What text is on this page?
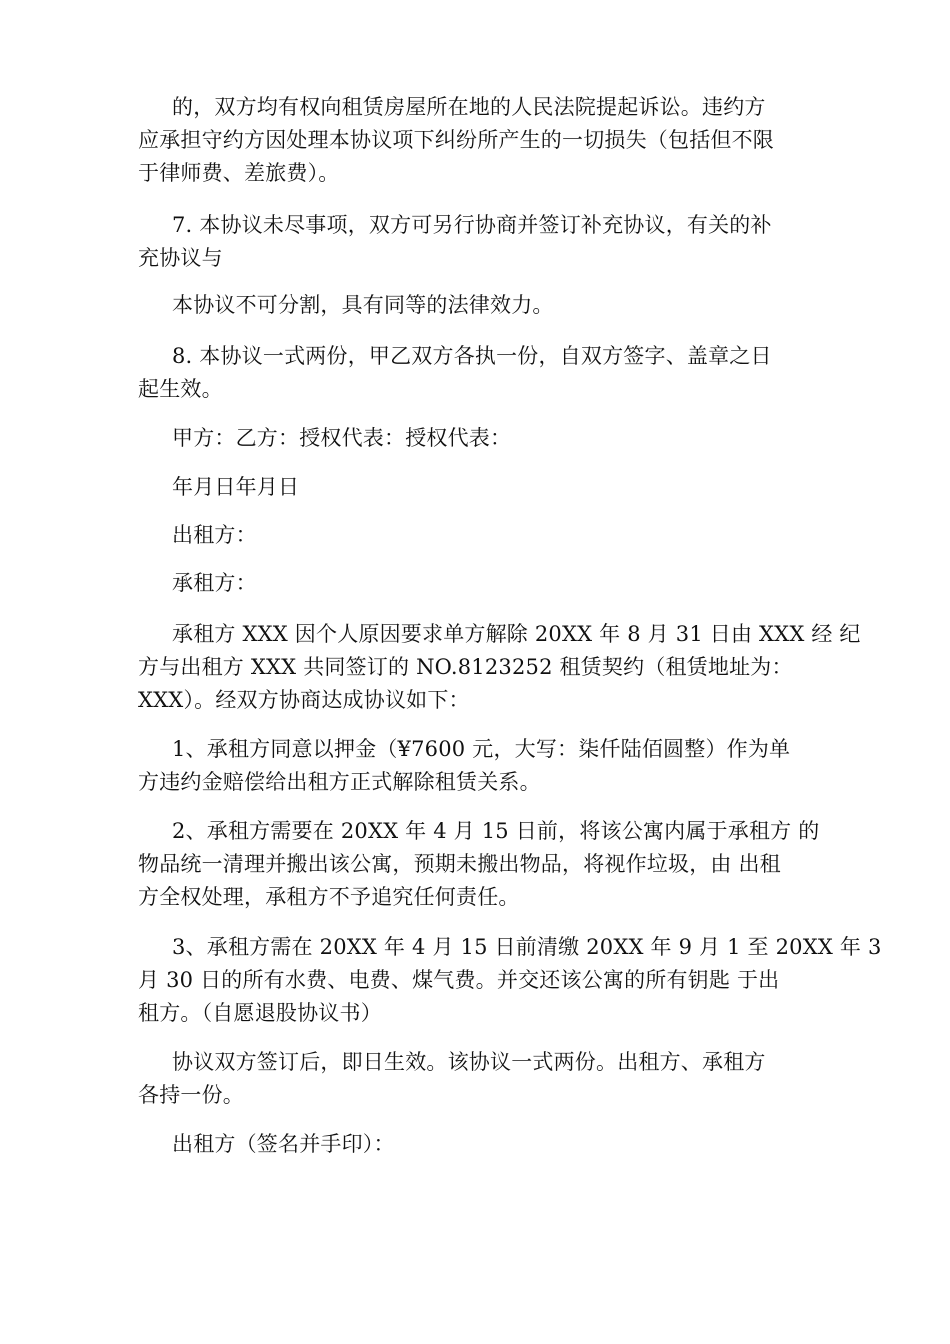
的，双方均有权向租赁房屋所在地的人民法院提起诉讼。违约方
应承担守约方因处理本协议项下纠纷所产生的一切损失（包括但不限
于律师费、差旅费）。

7. 本协议未尽事项，双方可另行协商并签订补充协议，有关的补
充协议与

本协议不可分割，具有同等的法律效力。

8. 本协议一式两份，甲乙双方各执一份，自双方签字、盖章之日
起生效。

甲方：乙方：授权代表：授权代表：

年月日年月日

出租方：

承租方：

承租方 XXX 因个人原因要求单方解除 20XX 年 8 月 31 日由 XXX 经 纪
方与出租方 XXX 共同签订的 NO.8123252 租赁契约（租赁地址为：
XXX）。经双方协商达成协议如下：

1、承租方同意以押金（¥7600 元，大写：柒仟陆佰圆整）作为单
方违约金赔偿给出租方正式解除租赁关系。

2、承租方需要在 20XX 年 4 月 15 日前，将该公寓内属于承租方 的
物品统一清理并搬出该公寓，预期未搬出物品，将视作垃圾，由 出租
方全权处理，承租方不予追究任何责任。

3、承租方需在 20XX 年 4 月 15 日前清缴 20XX 年 9 月 1 至 20XX 年 3
月 30 日的所有水费、电费、煤气费。并交还该公寓的所有钥匙 于出
租方。（自愿退股协议书）

协议双方签订后，即日生效。该协议一式两份。出租方、承租方
各持一份。

出租方（签名并手印）：
